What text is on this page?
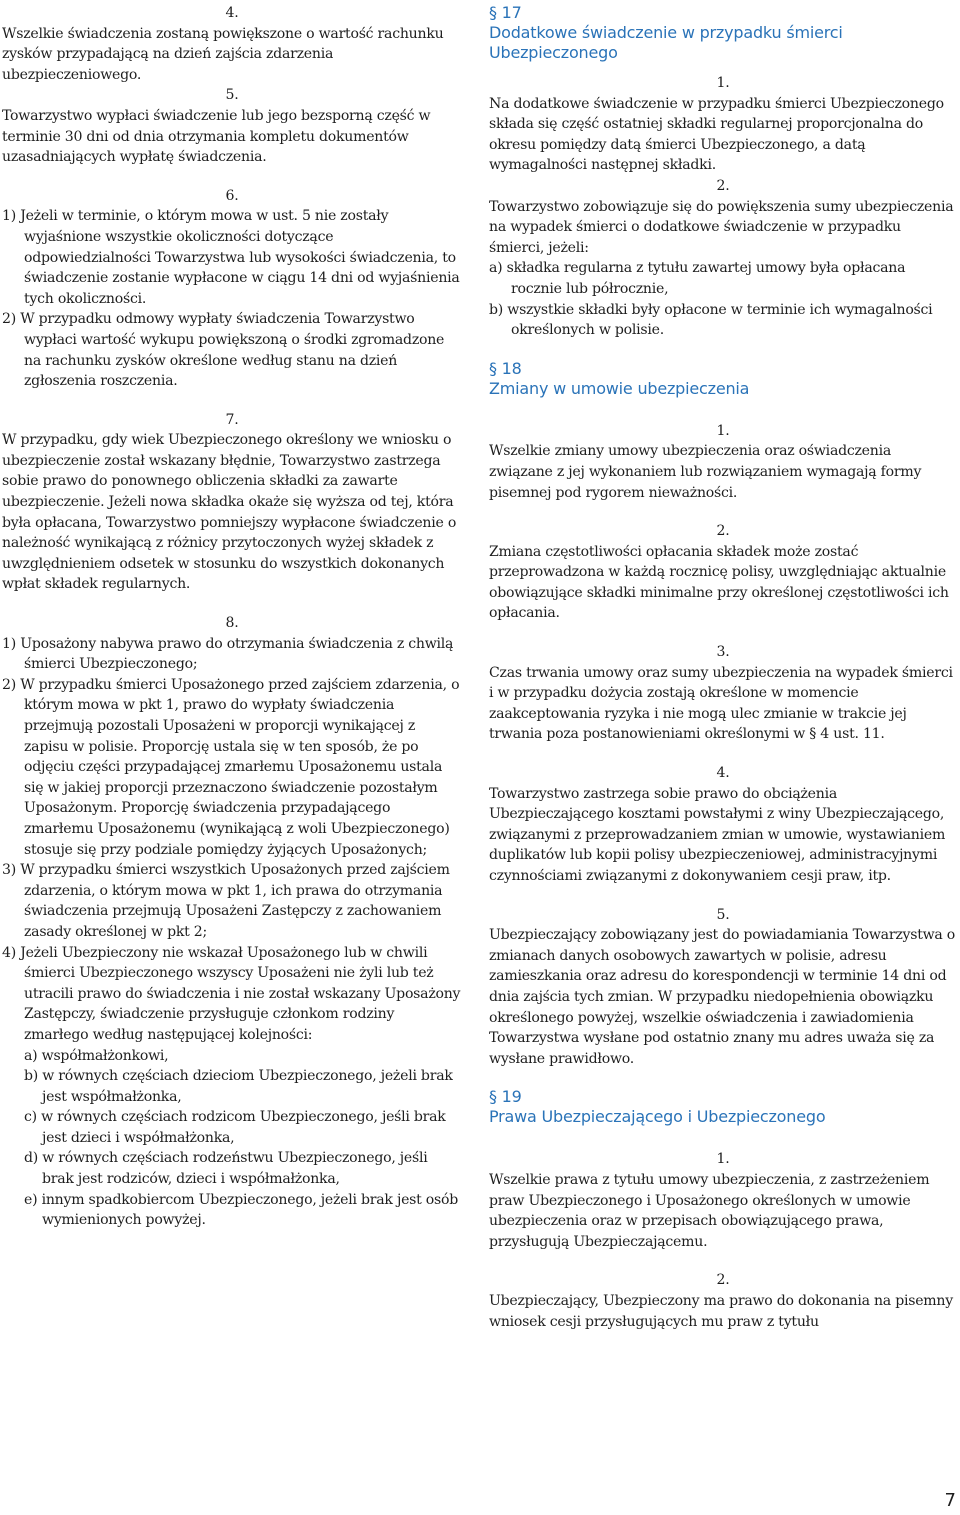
4.

Wszelkie świadczenia zostaną powiększone o wartość rachunku zysków przypadającą na dzień zajścia zdarzenia ubezpieczeniowego.

5.

Towarzystwo wypłaci świadczenie lub jego bezsporną część w terminie 30 dni od dnia otrzymania kompletu dokumentów uzasadniających wypłatę świadczenia.

6.

1) Jeżeli w terminie, o którym mowa w ust. 5 nie zostały wyjaśnione wszystkie okoliczności dotyczące odpowiedzialności Towarzystwa lub wysokości świadczenia, to świadczenie zostanie wypłacone w ciągu 14 dni od wyjaśnienia tych okoliczności.

2) W przypadku odmowy wypłaty świadczenia Towarzystwo wypłaci wartość wykupu powiększoną o środki zgromadzone na rachunku zysków określone według stanu na dzień zgłoszenia roszczenia.

7.

W przypadku, gdy wiek Ubezpieczonego określony we wniosku o ubezpieczenie został wskazany błędnie, Towarzystwo zastrzega sobie prawo do ponownego obliczenia składki za zawarte ubezpieczenie. Jeżeli nowa składka okaże się wyższa od tej, która była opłacana, Towarzystwo pomniejszy wypłacone świadczenie o należność wynikającą z różnicy przytoczonych wyżej składek z uwzględnieniem odsetek w stosunku do wszystkich dokonanych wpłat składek regularnych.

8.

1) Uposażony nabywa prawo do otrzymania świadczenia z chwilą śmierci Ubezpieczonego;

2) W przypadku śmierci Uposażonego przed zajściem zdarzenia, o którym mowa w pkt 1, prawo do wypłaty świadczenia przejmują pozostali Uposażeni w proporcji wynikającej z zapisu w polisie. Proporcję ustala się w ten sposób, że po odjęciu części przypadającej zmarłemu Uposażonemu ustala się w jakiej proporcji przeznaczono świadczenie pozostałym Uposażonym. Proporcję świadczenia przypadającego zmarłemu Uposażonemu (wynikającą z woli Ubezpieczonego) stosuje się przy podziale pomiędzy żyjących Uposażonych;

3) W przypadku śmierci wszystkich Uposażonych przed zajściem zdarzenia, o którym mowa w pkt 1, ich prawa do otrzymania świadczenia przejmują Uposażeni Zastępczy z zachowaniem zasady określonej w pkt 2;

4) Jeżeli Ubezpieczony nie wskazał Uposażonego lub w chwili śmierci Ubezpieczonego wszyscy Uposażeni nie żyli lub też utracili prawo do świadczenia i nie został wskazany Uposażony Zastępczy, świadczenie przysługuje członkom rodziny zmarłego według następującej kolejności:

a) współmałżonkowi,

b) w równych częściach dzieciom Ubezpieczonego, jeżeli brak jest współmałżonka,

c) w równych częściach rodzicom Ubezpieczonego, jeśli brak jest dzieci i współmałżonka,

d) w równych częściach rodzeństwu Ubezpieczonego, jeśli brak jest rodziców, dzieci i współmałżonka,

e) innym spadkobiercom Ubezpieczonego, jeżeli brak jest osób wymienionych powyżej.

§ 17

Dodatkowe świadczenie w przypadku śmierci Ubezpieczonego

1.

Na dodatkowe świadczenie w przypadku śmierci Ubezpieczonego składa się część ostatniej składki regularnej proporcjonalna do okresu pomiędzy datą śmierci Ubezpieczonego, a datą wymagalności następnej składki.

2.

Towarzystwo zobowiązuje się do powiększenia sumy ubezpieczenia na wypadek śmierci o dodatkowe świadczenie w przypadku śmierci, jeżeli:

a) składka regularna z tytułu zawartej umowy była opłacana rocznie lub półrocznie,

b) wszystkie składki były opłacone w terminie ich wymagalności określonych w polisie.

§ 18

Zmiany w umowie ubezpieczenia

1.

Wszelkie zmiany umowy ubezpieczenia oraz oświadczenia związane z jej wykonaniem lub rozwiązaniem wymagają formy pisemnej pod rygorem nieważności.

2.

Zmiana częstotliwości opłacania składek może zostać przeprowadzona w każdą rocznicę polisy, uwzględniając aktualnie obowiązujące składki minimalne przy określonej częstotliwości ich opłacania.

3.

Czas trwania umowy oraz sumy ubezpieczenia na wypadek śmierci i w przypadku dożycia zostają określone w momencie zaakceptowania ryzyka i nie mogą ulec zmianie w trakcie jej trwania poza postanowieniami określonymi w § 4 ust. 11.

4.

Towarzystwo zastrzega sobie prawo do obciążenia Ubezpieczającego kosztami powstałymi z winy Ubezpieczającego, związanymi z przeprowadzaniem zmian w umowie, wystawianiem duplikatów lub kopii polisy ubezpieczeniowej, administracyjnymi czynnościami związanymi z dokonywaniem cesji praw, itp.

5.

Ubezpieczający zobowiązany jest do powiadamiania Towarzystwa o zmianach danych osobowych zawartych w polisie, adresu zamieszkania oraz adresu do korespondencji w terminie 14 dni od dnia zajścia tych zmian. W przypadku niedopełnienia obowiązku określonego powyżej, wszelkie oświadczenia i zawiadomienia Towarzystwa wysłane pod ostatnio znany mu adres uważa się za wysłane prawidłowo.

§ 19

Prawa Ubezpieczającego i Ubezpieczonego

1.

Wszelkie prawa z tytułu umowy ubezpieczenia, z zastrzeżeniem praw Ubezpieczonego i Uposażonego określonych w umowie ubezpieczenia oraz w przepisach obowiązującego prawa, przysługują Ubezpieczającemu.

2.

Ubezpieczający, Ubezpieczony ma prawo do dokonania na pisemny wniosek cesji przysługujących mu praw z tytułu

7
